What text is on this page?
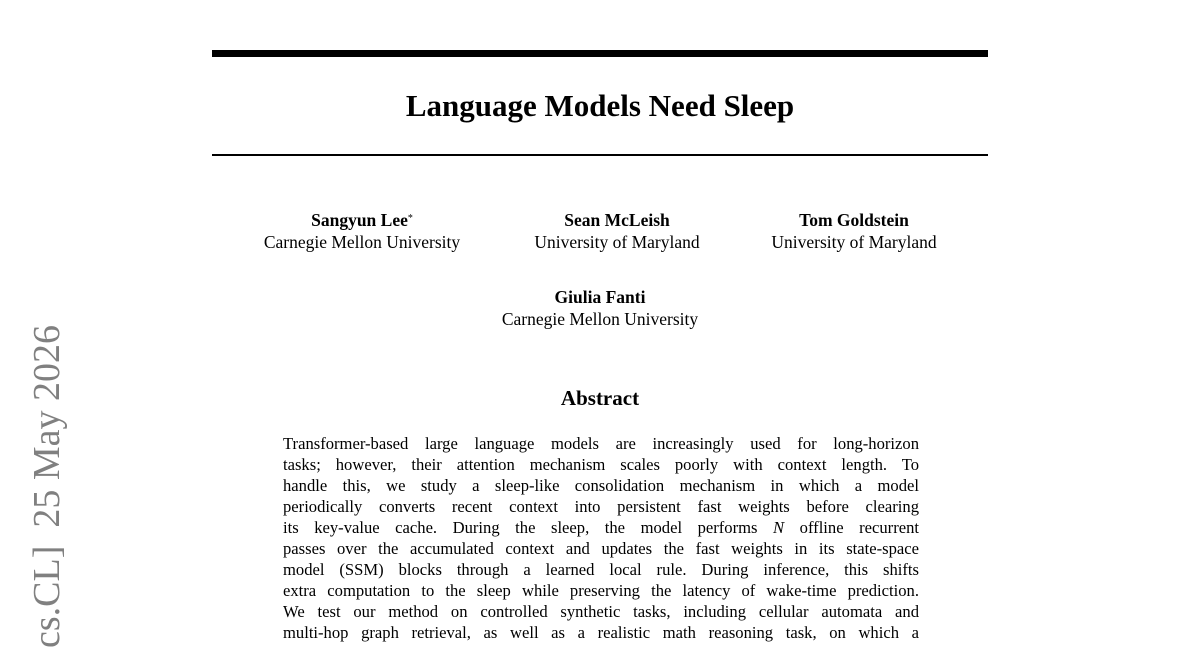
Language Models Need Sleep
Sangyun Lee*
Carnegie Mellon University
Sean McLeish
University of Maryland
Tom Goldstein
University of Maryland
Giulia Fanti
Carnegie Mellon University
Abstract
Transformer-based large language models are increasingly used for long-horizon
tasks; however, their attention mechanism scales poorly with context length. To
handle this, we study a sleep-like consolidation mechanism in which a model
periodically converts recent context into persistent fast weights before clearing
its key-value cache. During the sleep, the model performs N offline recurrent
passes over the accumulated context and updates the fast weights in its state-space
model (SSM) blocks through a learned local rule. During inference, this shifts
extra computation to the sleep while preserving the latency of wake-time prediction.
We test our method on controlled synthetic tasks, including cellular automata and
multi-hop graph retrieval, as well as a realistic math reasoning task, on which a
cs.CL]25 May 2026
